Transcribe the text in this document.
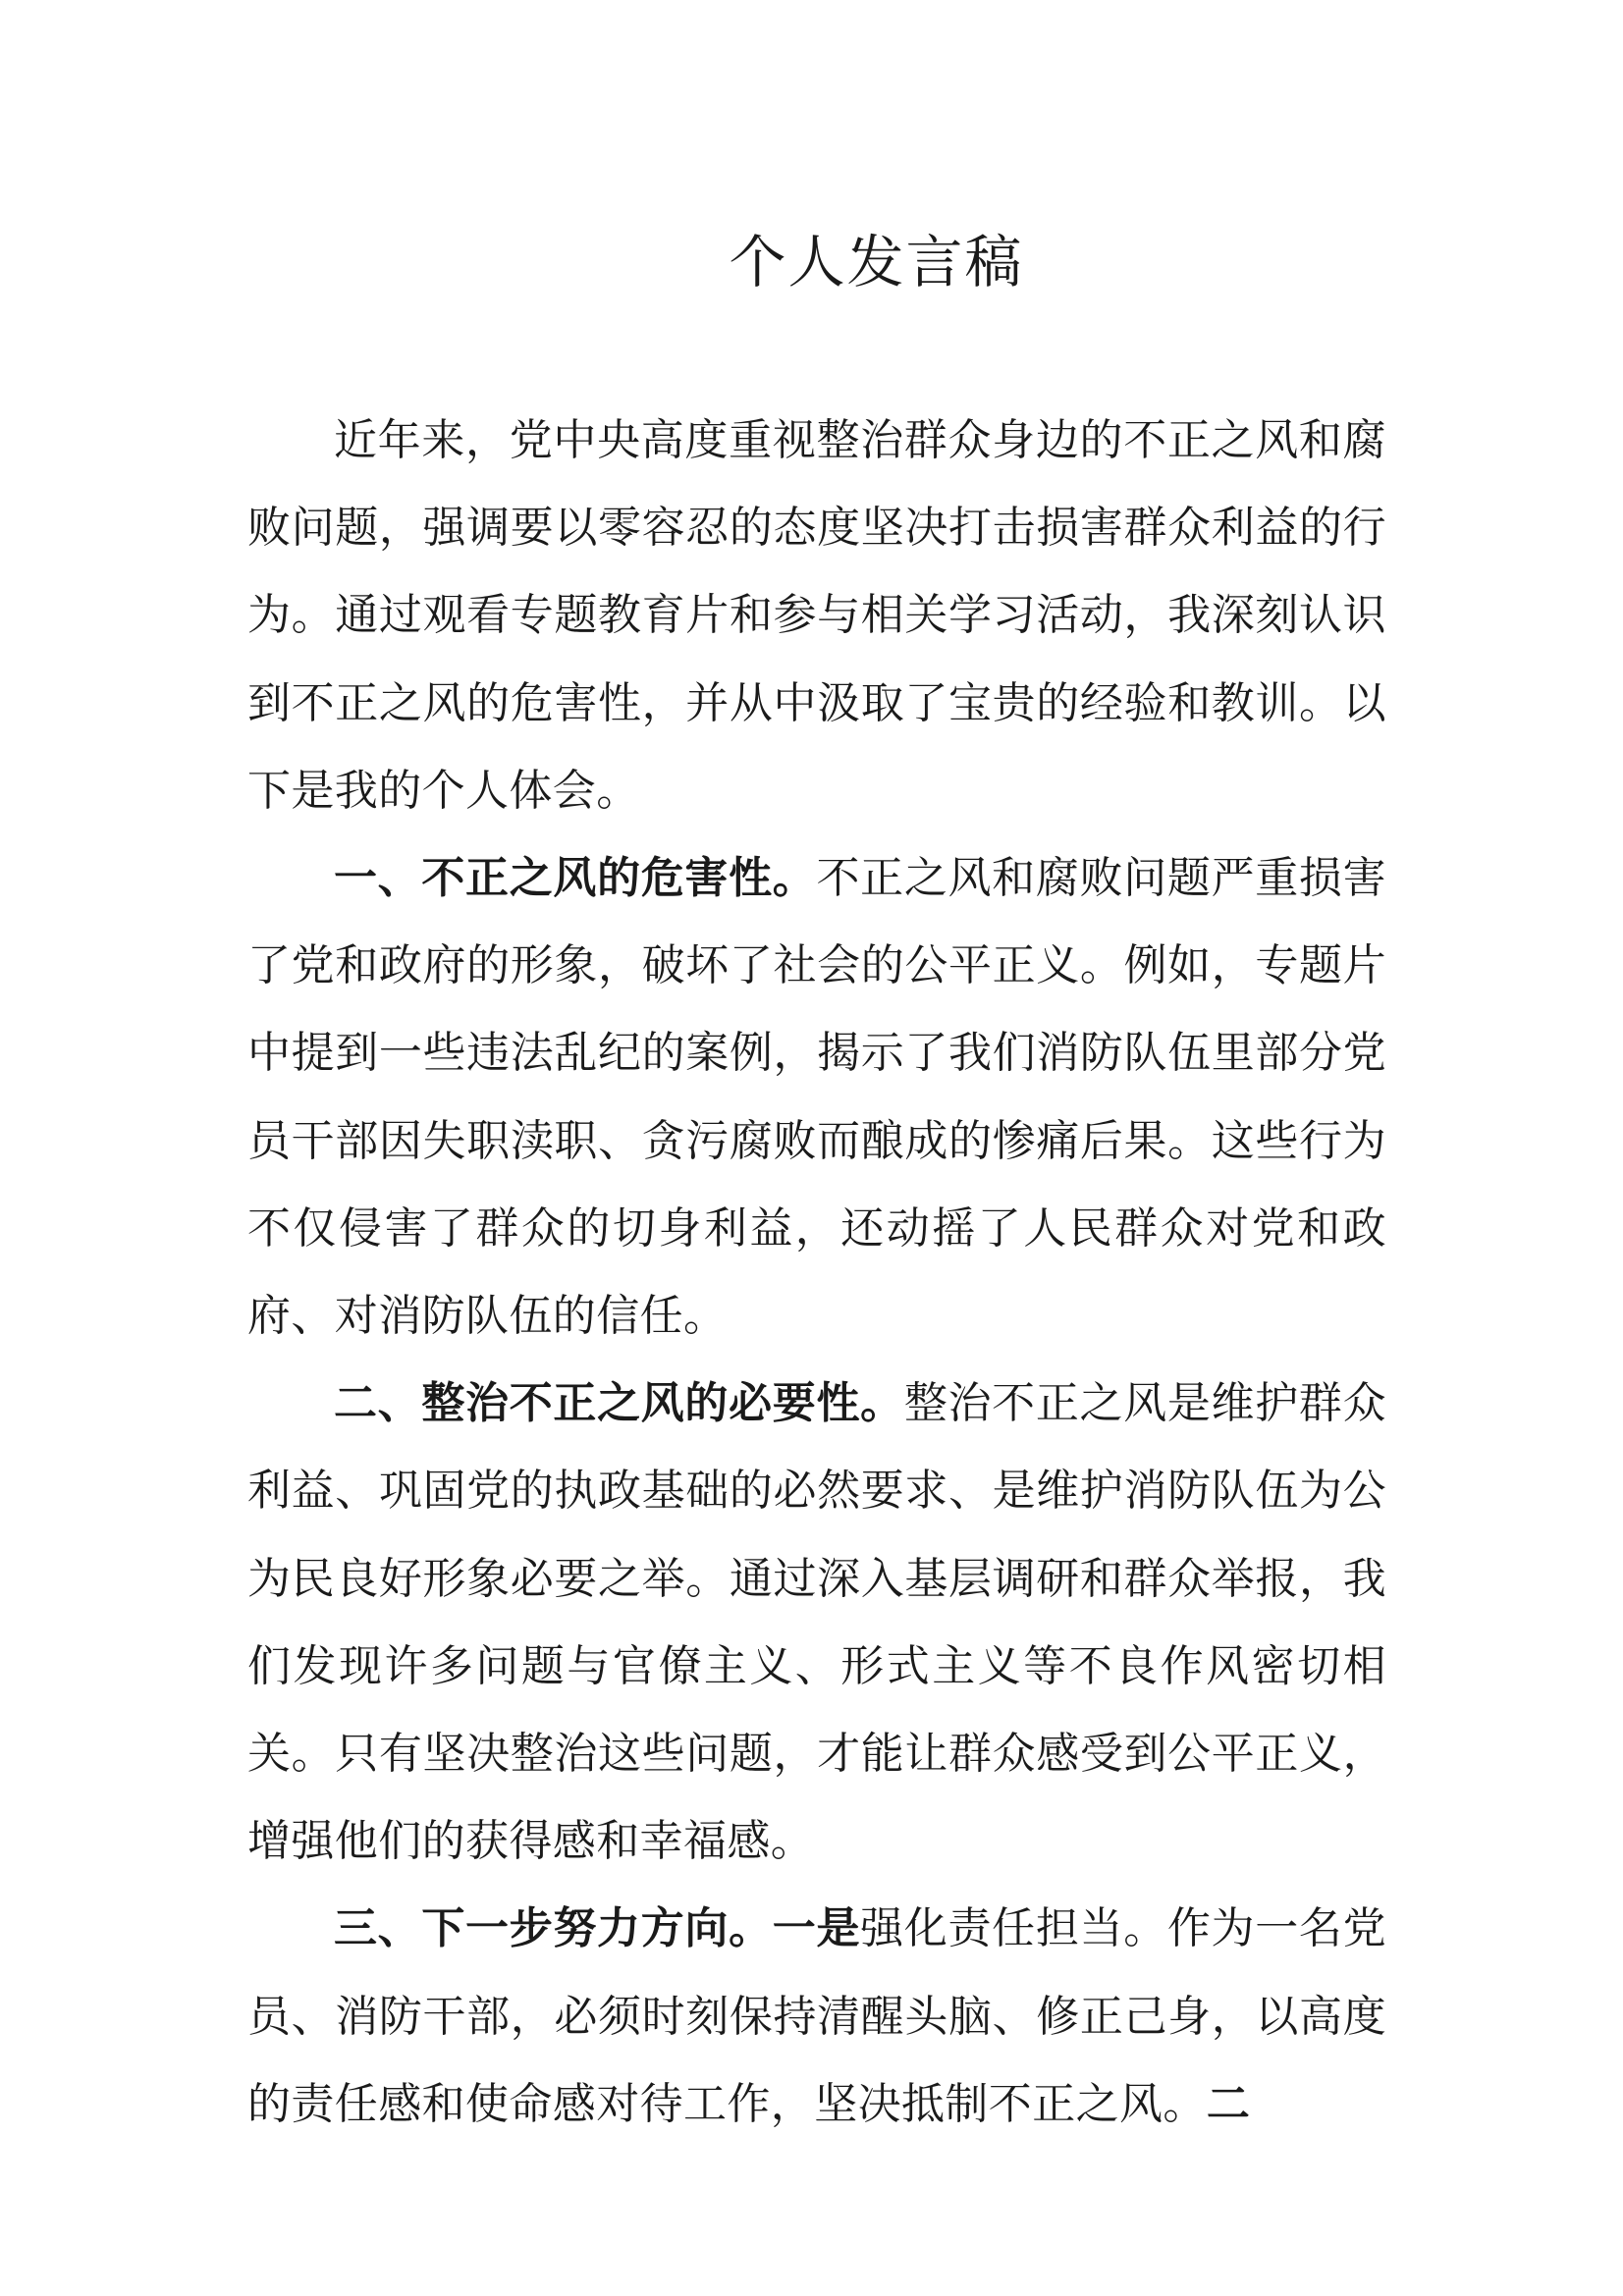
个人发言稿

近年来，党中央高度重视整治群众身边的不正之风和腐败问题，强调要以零容忍的态度坚决打击损害群众利益的行为。通过观看专题教育片和参与相关学习活动，我深刻认识到不正之风的危害性，并从中汲取了宝贵的经验和教训。以下是我的个人体会。

一、不正之风的危害性。不正之风和腐败问题严重损害了党和政府的形象，破坏了社会的公平正义。例如，专题片中提到一些违法乱纪的案例，揭示了我们消防队伍里部分党员干部因失职渎职、贪污腐败而酿成的惨痛后果。这些行为不仅侵害了群众的切身利益，还动摇了人民群众对党和政府、对消防队伍的信任。

二、整治不正之风的必要性。整治不正之风是维护群众利益、巩固党的执政基础的必然要求、是维护消防队伍为公为民良好形象必要之举。通过深入基层调研和群众举报，我们发现许多问题与官僚主义、形式主义等不良作风密切相关。只有坚决整治这些问题，才能让群众感受到公平正义，增强他们的获得感和幸福感。

三、下一步努力方向。一是强化责任担当。作为一名党员、消防干部，必须时刻保持清醒头脑、修正己身，以高度的责任感和使命感对待工作，坚决抵制不正之风。二
